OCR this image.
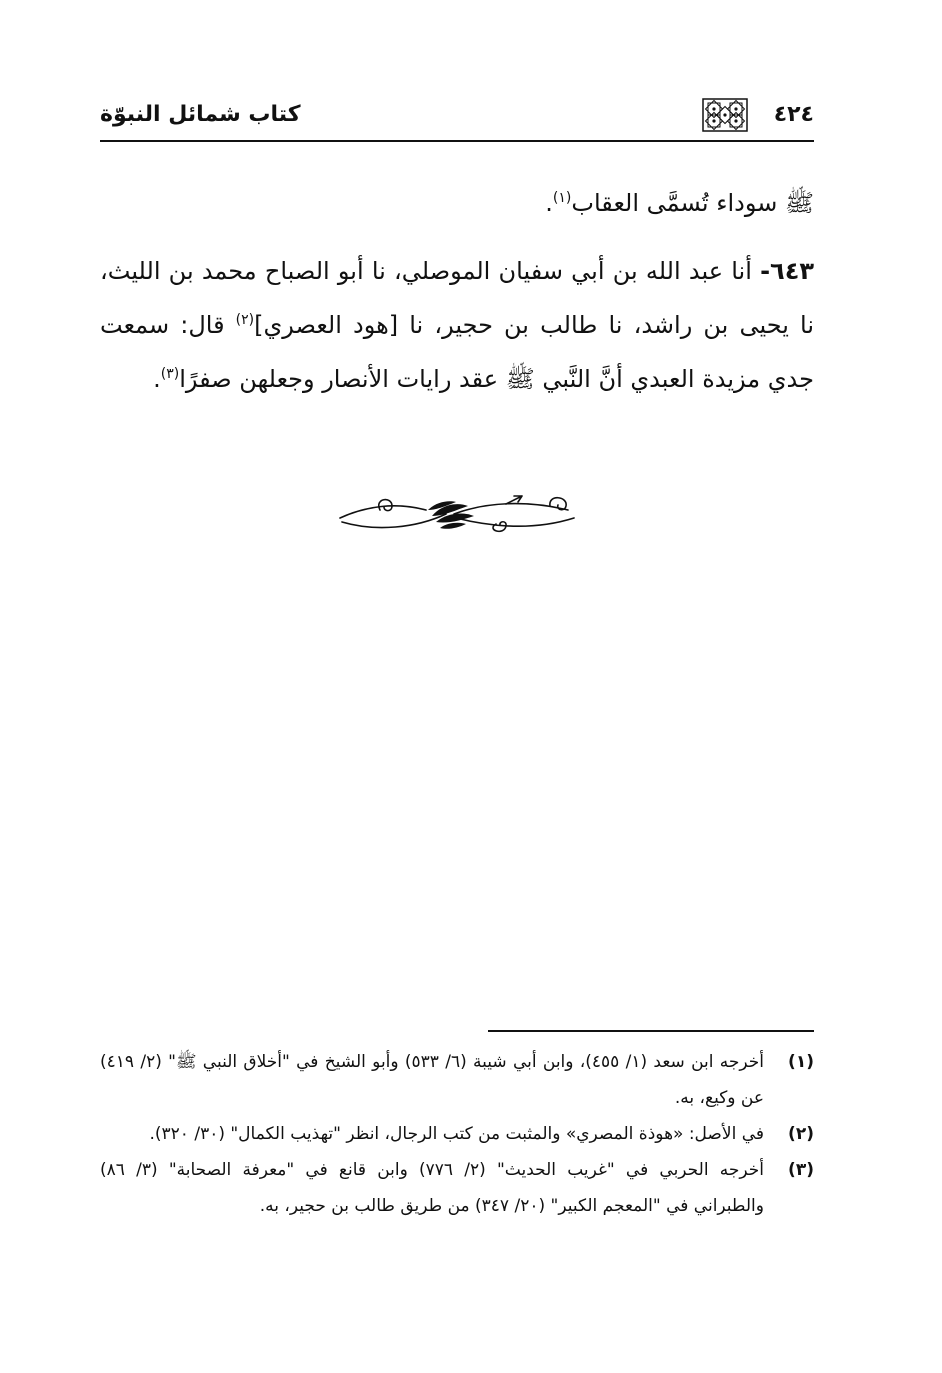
٤٢٤
كتاب شمائل النبوّة

ﷺ سوداء تُسمَّى العقاب$^{(١)}$.

٦٤٣- أنا عبد الله بن أبي سفيان الموصلي، نا أبو الصباح محمد بن الليث، نا يحيى بن راشد، نا طالب بن حجير، نا [هود العصري]$^{(٢)}$ قال: سمعت جدي مزيدة العبدي أنَّ النَّبي ﷺ عقد رايات الأنصار وجعلهن صفرًا$^{(٣)}$.

(١)
أخرجه ابن سعد (١/ ٤٥٥)، وابن أبي شيبة (٦/ ٥٣٣) وأبو الشيخ في "أخلاق النبي ﷺ" (٢/ ٤١٩) عن وكيع، به.
(٢)
في الأصل: «هوذة المصري» والمثبت من كتب الرجال، انظر "تهذيب الكمال" (٣٠/ ٣٢٠).
(٣)
أخرجه الحربي في "غريب الحديث" (٢/ ٧٧٦) وابن قانع في "معرفة الصحابة" (٣/ ٨٦) والطبراني في "المعجم الكبير" (٢٠/ ٣٤٧) من طريق طالب بن حجير، به.
